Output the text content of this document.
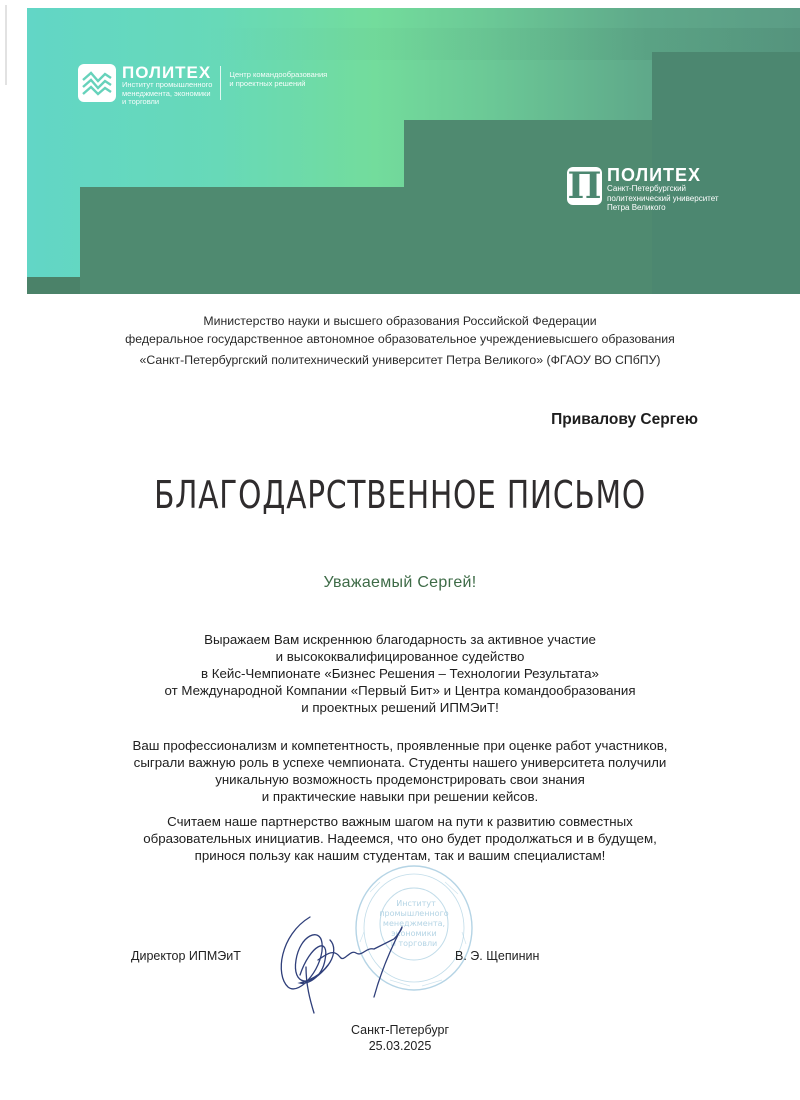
ПОЛИТЕХ
Институт промышленного
менеджмента, экономики
и торговли
Центр командообразования
и проектных решений
П ПОЛИТЕХ
Санкт-Петербургский
политехнический университет
Петра Великого
Министерство науки и высшего образования Российской Федерации
федеральное государственное автономное образовательное учреждениевысшего образования
«Санкт-Петербургский политехнический университет Петра Великого» (ФГАОУ ВО СПбПУ)
Привалову Сергею
БЛАГОДАРСТВЕННОЕ ПИСЬМО
Уважаемый Сергей!
Выражаем Вам искреннюю благодарность за активное участие
и высококвалифицированное судейство
в Кейс-Чемпионате «Бизнес Решения – Технологии Результата»
от Международной Компании «Первый Бит» и Центра командообразования
и проектных решений ИПМЭиТ!
Ваш профессионализм и компетентность, проявленные при оценке работ участников,
сыграли важную роль в успехе чемпионата. Студенты нашего университета получили
уникальную возможность продемонстрировать свои знания
и практические навыки при решении кейсов.
Считаем наше партнерство важным шагом на пути к развитию совместных
образовательных инициатив. Надеемся, что оно будет продолжаться и в будущем,
принося пользу как нашим студентам, так и вашим специалистам!
Институт
промышленного
менеджмента,
экономики
и торговли
Директор ИПМЭиТ	В. Э. Щепинин
Санкт-Петербург
25.03.2025
